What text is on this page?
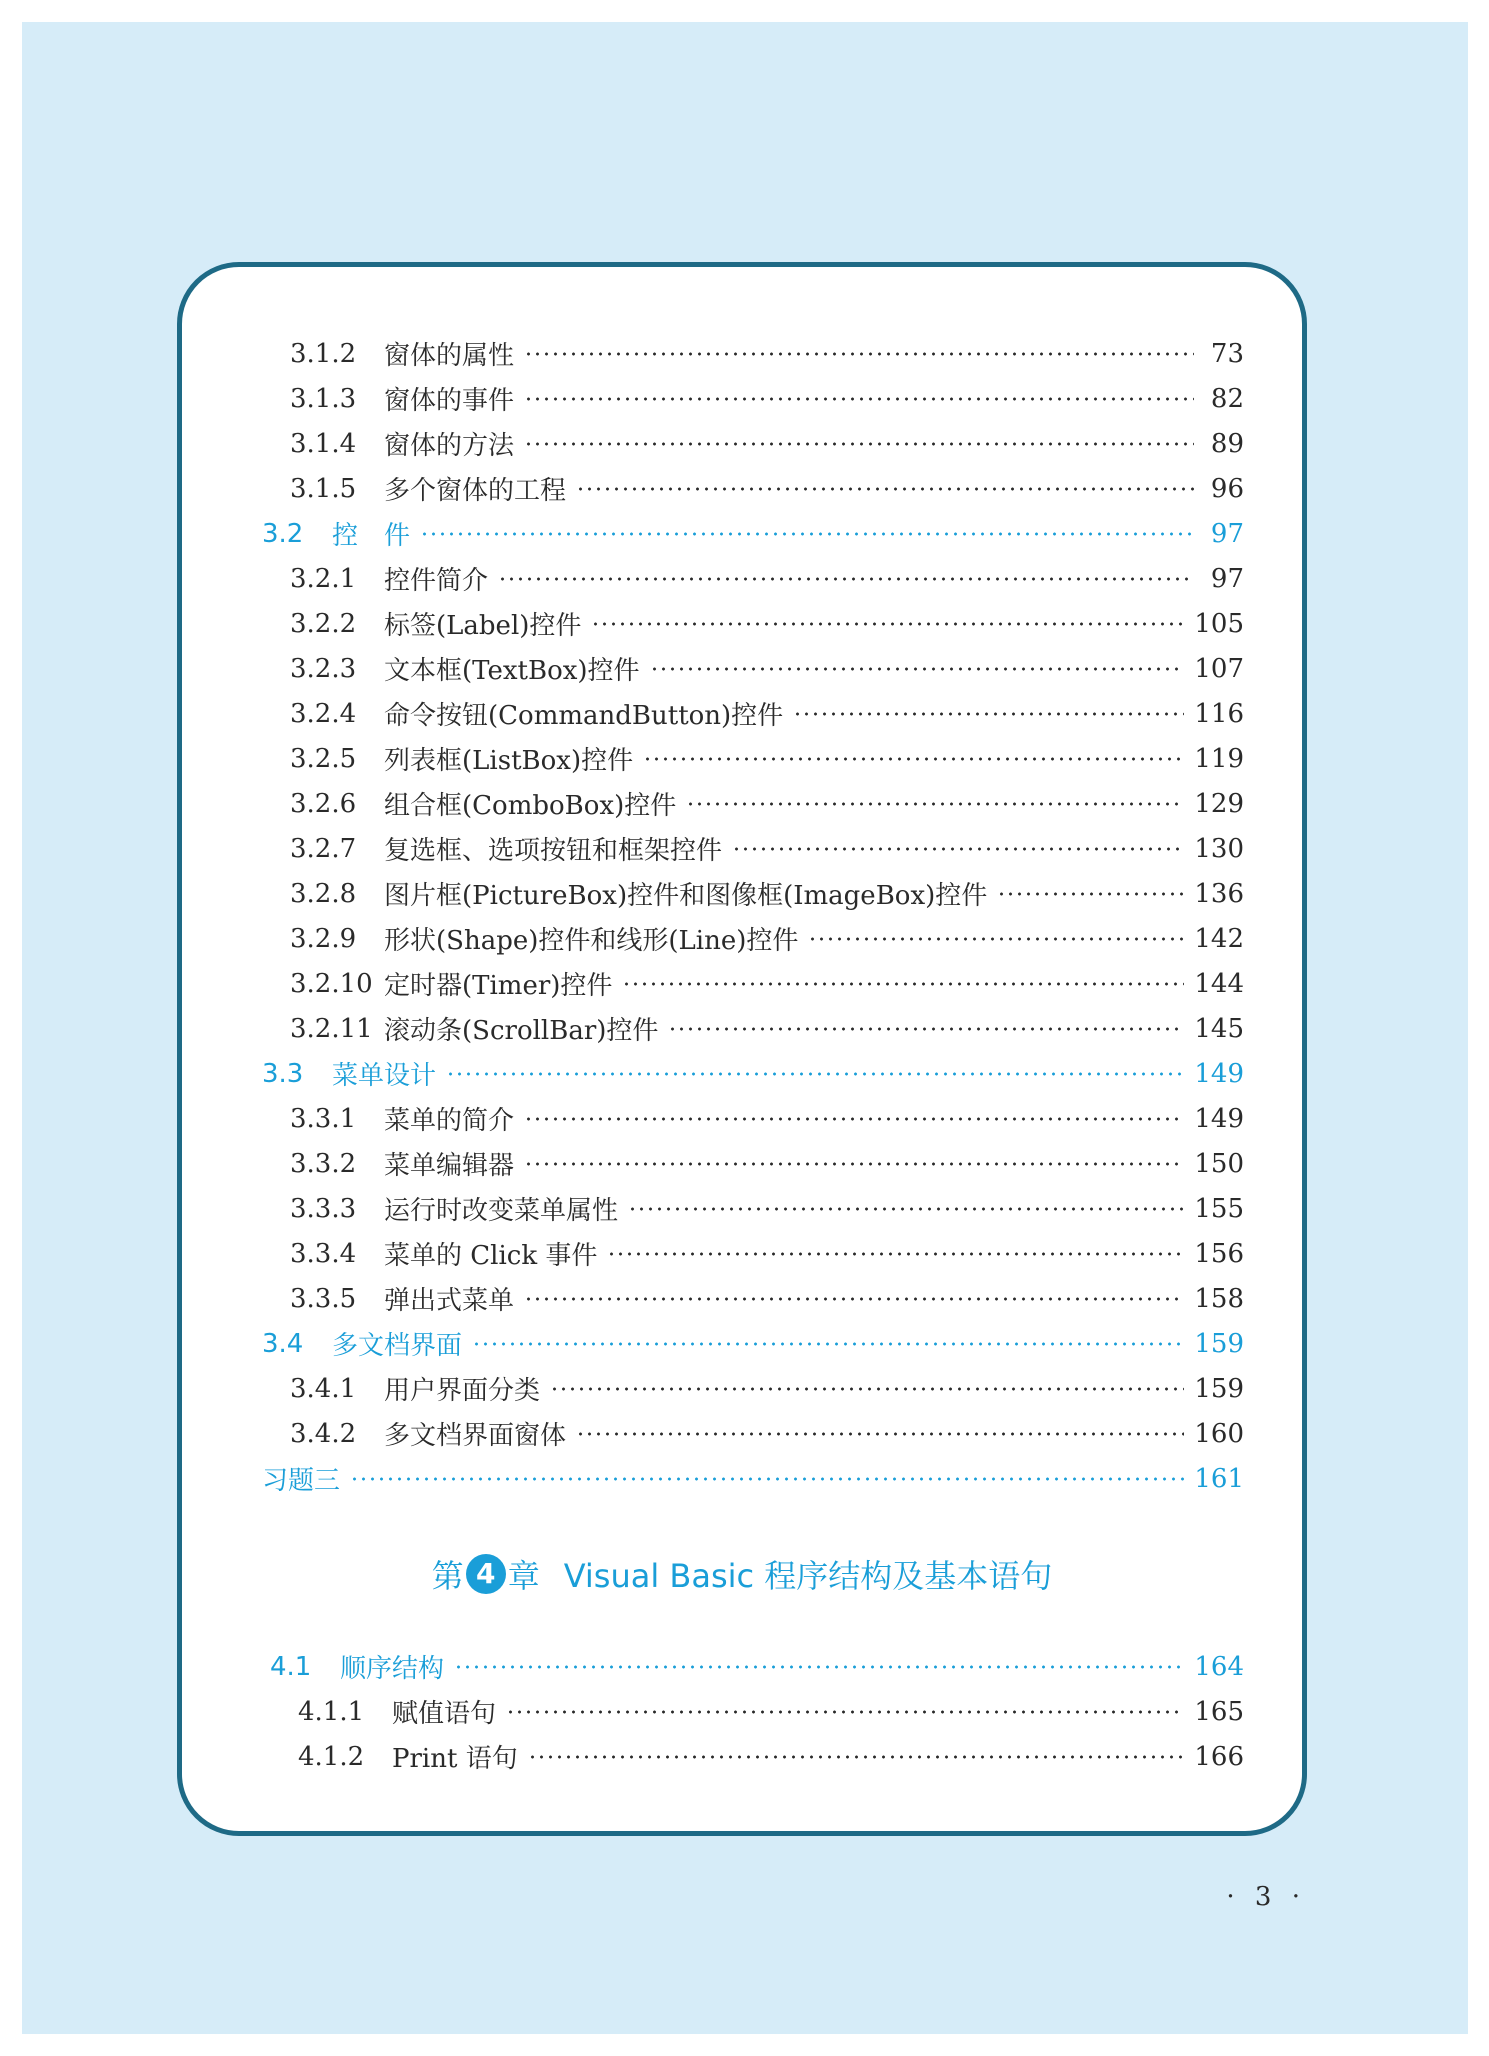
3.1.2	窗体的属性	73
3.1.3	窗体的事件	82
3.1.4	窗体的方法	89
3.1.5	多个窗体的工程	96
3.2	控　件	97
3.2.1	控件简介	97
3.2.2	标签(Label)控件	105
3.2.3	文本框(TextBox)控件	107
3.2.4	命令按钮(CommandButton)控件	116
3.2.5	列表框(ListBox)控件	119
3.2.6	组合框(ComboBox)控件	129
3.2.7	复选框、选项按钮和框架控件	130
3.2.8	图片框(PictureBox)控件和图像框(ImageBox)控件	136
3.2.9	形状(Shape)控件和线形(Line)控件	142
3.2.10 定时器(Timer)控件	144
3.2.11 滚动条(ScrollBar)控件	145
3.3	菜单设计	149
3.3.1	菜单的简介	149
3.3.2	菜单编辑器	150
3.3.3	运行时改变菜单属性	155
3.3.4	菜单的 Click 事件	156
3.3.5	弹出式菜单	158
3.4	多文档界面	159
3.4.1	用户界面分类	159
3.4.2	多文档界面窗体	160
习题三	161
第 4 章 Visual Basic 程序结构及基本语句
4.1	顺序结构	164
4.1.1	赋值语句	165
4.1.2	Print 语句	166
· 3 ·
